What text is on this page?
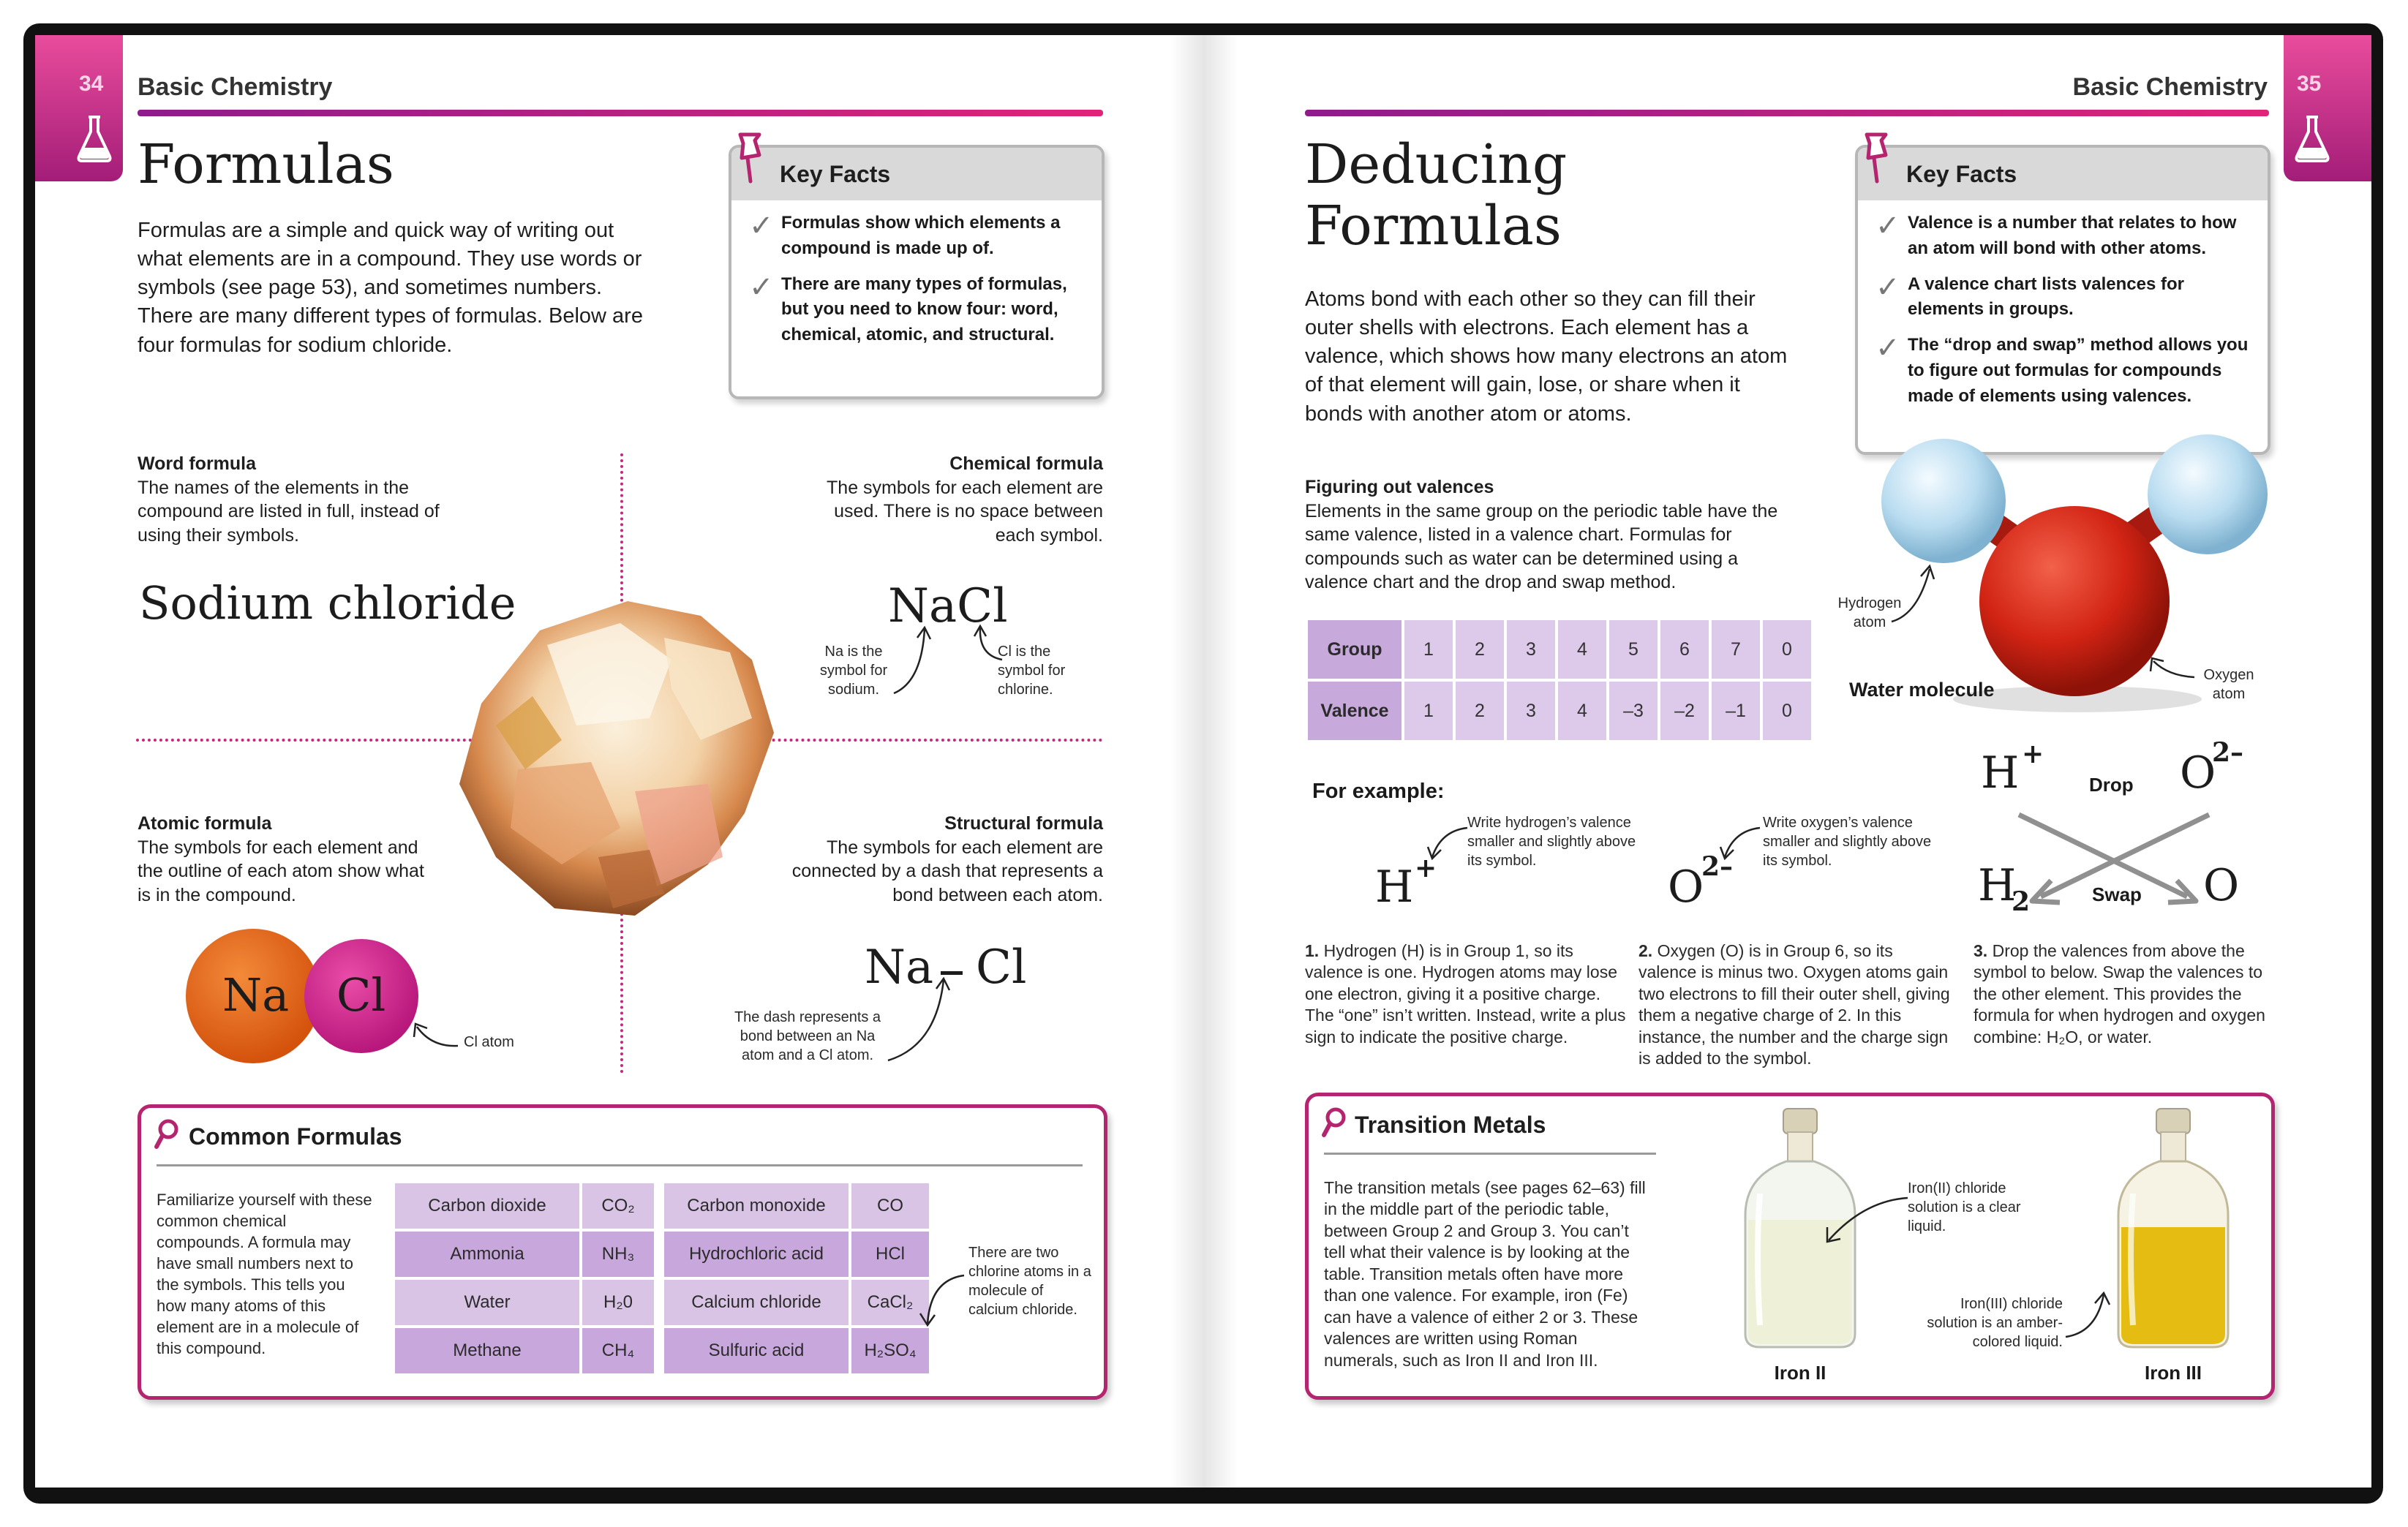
34 Basic Chemistry
Formulas
Formulas are a simple and quick way of writing out what elements are in a compound. They use words or symbols (see page 53), and sometimes numbers. There are many different types of formulas. Below are four formulas for sodium chloride.
Key Facts
✓ Formulas show which elements a compound is made up of.
✓ There are many types of formulas, but you need to know four: word, chemical, atomic, and structural.
Word formula
The names of the elements in the compound are listed in full, instead of using their symbols.
Sodium chloride
Chemical formula
The symbols for each element are used. There is no space between each symbol.
NaCl
Na is the symbol for sodium.
Cl is the symbol for chlorine.
Atomic formula
The symbols for each element and the outline of each atom show what is in the compound.
Na Cl
Cl atom
Structural formula
The symbols for each element are connected by a dash that represents a bond between each atom.
Na Cl
The dash represents a bond between an Na atom and a Cl atom.
Common Formulas
Familiarize yourself with these common chemical compounds. A formula may have small numbers next to the symbols. This tells you how many atoms of this element are in a molecule of this compound.
Carbon dioxide	CO₂		Carbon monoxide	CO
Ammonia	NH₃		Hydrochloric acid	HCl
Water	H₂0		Calcium chloride	CaCl₂
Methane	CH₄		Sulfuric acid	H₂SO₄
There are two chlorine atoms in a molecule of calcium chloride.
35
Basic Chemistry
Deducing
Formulas
Atoms bond with each other so they can fill their outer shells with electrons. Each element has a valence, which shows how many electrons an atom of that element will gain, lose, or share when it bonds with another atom or atoms.
Key Facts
✓ Valence is a number that relates to how an atom will bond with other atoms.
✓ A valence chart lists valences for elements in groups.
✓ The “drop and swap” method allows you to figure out formulas for compounds made of elements using valences.
Figuring out valences
Elements in the same group on the periodic table have the same valence, listed in a valence chart. Formulas for compounds such as water can be determined using a valence chart and the drop and swap method.
Group	1	2	3	4	5	6	7	0
Valence	1	2	3	4	–3	–2	–1	0
Hydrogen atom
Oxygen atom
Water molecule
For example:
H +
Write hydrogen’s valence smaller and slightly above its symbol.
O
2–
Write oxygen’s valence smaller and slightly above its symbol.
H +
Drop O
2–
H
2	Swap O
1. Hydrogen (H) is in Group 1, so its valence is one. Hydrogen atoms may lose one electron, giving it a positive charge. The “one” isn’t written. Instead, write a plus sign to indicate the positive charge.
2. Oxygen (O) is in Group 6, so its valence is minus two. Oxygen atoms gain two electrons to fill their outer shell, giving them a negative charge of 2. In this instance, the number and the charge sign is added to the symbol.
3. Drop the valences from above the symbol to below. Swap the valences to the other element. This provides the formula for when hydrogen and oxygen combine: H₂O, or water.
Transition Metals
The transition metals (see pages 62–63) fill in the middle part of the periodic table, between Group 2 and Group 3. You can’t tell what their valence is by looking at the table. Transition metals often have more than one valence. For example, iron (Fe) can have a valence of either 2 or 3. These valences are written using Roman numerals, such as Iron II and Iron III.
Iron(II) chloride solution is a clear liquid.
Iron(III) chloride solution is an amber-colored liquid.
Iron II	Iron III
